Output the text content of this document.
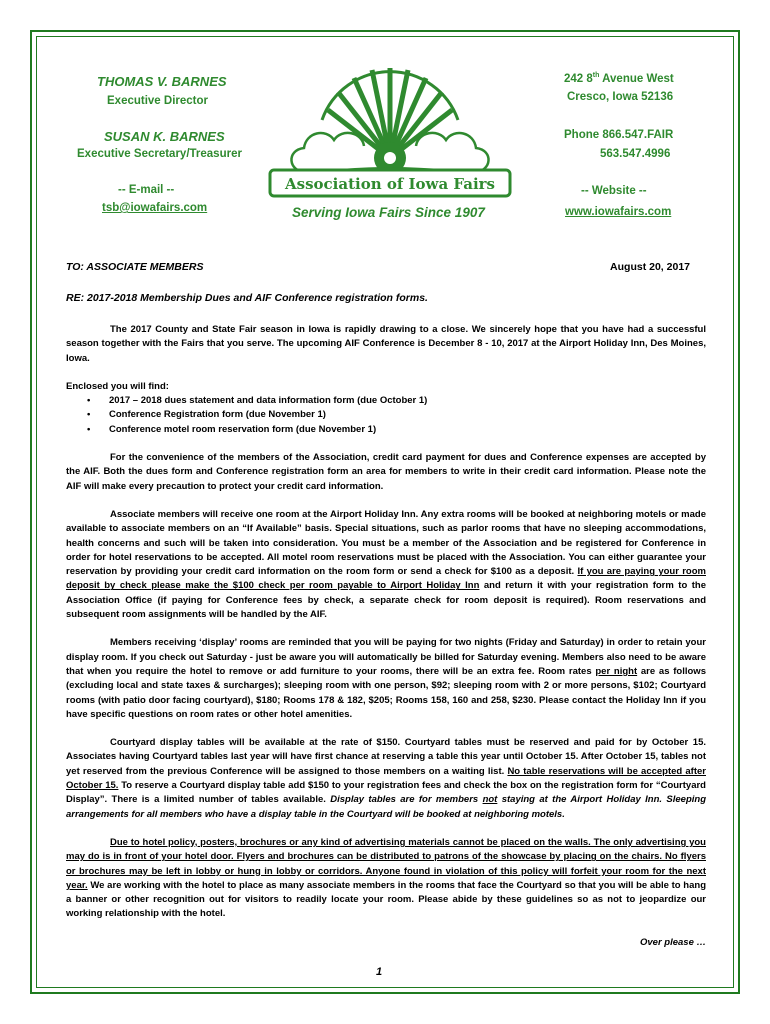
THOMAS V. BARNES
Executive Director
SUSAN K. BARNES
Executive Secretary/Treasurer
-- E-mail --
tsb@iowafairs.com
242 8th Avenue West
Cresco, Iowa 52136
Phone 866.547.FAIR
563.547.4996
-- Website --
www.iowafairs.com
Association of Iowa Fairs
Serving Iowa Fairs Since 1907
TO: ASSOCIATE MEMBERS	August 20, 2017
RE: 2017-2018 Membership Dues and AIF Conference registration forms.

The 2017 County and State Fair season in Iowa is rapidly drawing to a close. We sincerely hope that you have had a successful season together with the Fairs that you serve. The upcoming AIF Conference is December 8 - 10, 2017 at the Airport Holiday Inn, Des Moines, Iowa.

Enclosed you will find:

• 2017 – 2018 dues statement and data information form (due October 1)
• Conference Registration form (due November 1)
• Conference motel room reservation form (due November 1)

For the convenience of the members of the Association, credit card payment for dues and Conference expenses are accepted by the AIF. Both the dues form and Conference registration form an area for members to write in their credit card information. Please note the AIF will make every precaution to protect your credit card information.

Associate members will receive one room at the Airport Holiday Inn. Any extra rooms will be booked at neighboring motels or made available to associate members on an “If Available” basis. Special situations, such as parlor rooms that have no sleeping accommodations, health concerns and such will be taken into consideration. You must be a member of the Association and be registered for Conference in order for hotel reservations to be accepted. All motel room reservations must be placed with the Association. You can either guarantee your reservation by providing your credit card information on the room form or send a check for $100 as a deposit. If you are paying your room deposit by check please make the $100 check per room payable to Airport Holiday Inn and return it with your registration form to the Association Office (if paying for Conference fees by check, a separate check for room deposit is required). Room reservations and subsequent room assignments will be handled by the AIF.

Members receiving ‘display’ rooms are reminded that you will be paying for two nights (Friday and Saturday) in order to retain your display room. If you check out Saturday - just be aware you will automatically be billed for Saturday evening. Members also need to be aware that when you require the hotel to remove or add furniture to your rooms, there will be an extra fee. Room rates per night are as follows (excluding local and state taxes & surcharges); sleeping room with one person, $92; sleeping room with 2 or more persons, $102; Courtyard rooms (with patio door facing courtyard), $180; Rooms 178 & 182, $205; Rooms 158, 160 and 258, $230. Please contact the Holiday Inn if you have specific questions on room rates or other hotel amenities.

Courtyard display tables will be available at the rate of $150. Courtyard tables must be reserved and paid for by October 15. Associates having Courtyard tables last year will have first chance at reserving a table this year until October 15. After October 15, tables not yet reserved from the previous Conference will be assigned to those members on a waiting list. No table reservations will be accepted after October 15. To reserve a Courtyard display table add $150 to your registration fees and check the box on the registration form for “Courtyard Display”. There is a limited number of tables available. Display tables are for members not staying at the Airport Holiday Inn. Sleeping arrangements for all members who have a display table in the Courtyard will be booked at neighboring motels.

Due to hotel policy, posters, brochures or any kind of advertising materials cannot be placed on the walls. The only advertising you may do is in front of your hotel door. Flyers and brochures can be distributed to patrons of the showcase by placing on the chairs. No flyers or brochures may be left in lobby or hung in lobby or corridors. Anyone found in violation of this policy will forfeit your room for the next year. We are working with the hotel to place as many associate members in the rooms that face the Courtyard so that you will be able to hang a banner or other recognition out for visitors to readily locate your room. Please abide by these guidelines so as not to jeopardize our working relationship with the hotel.

Over please …
1
